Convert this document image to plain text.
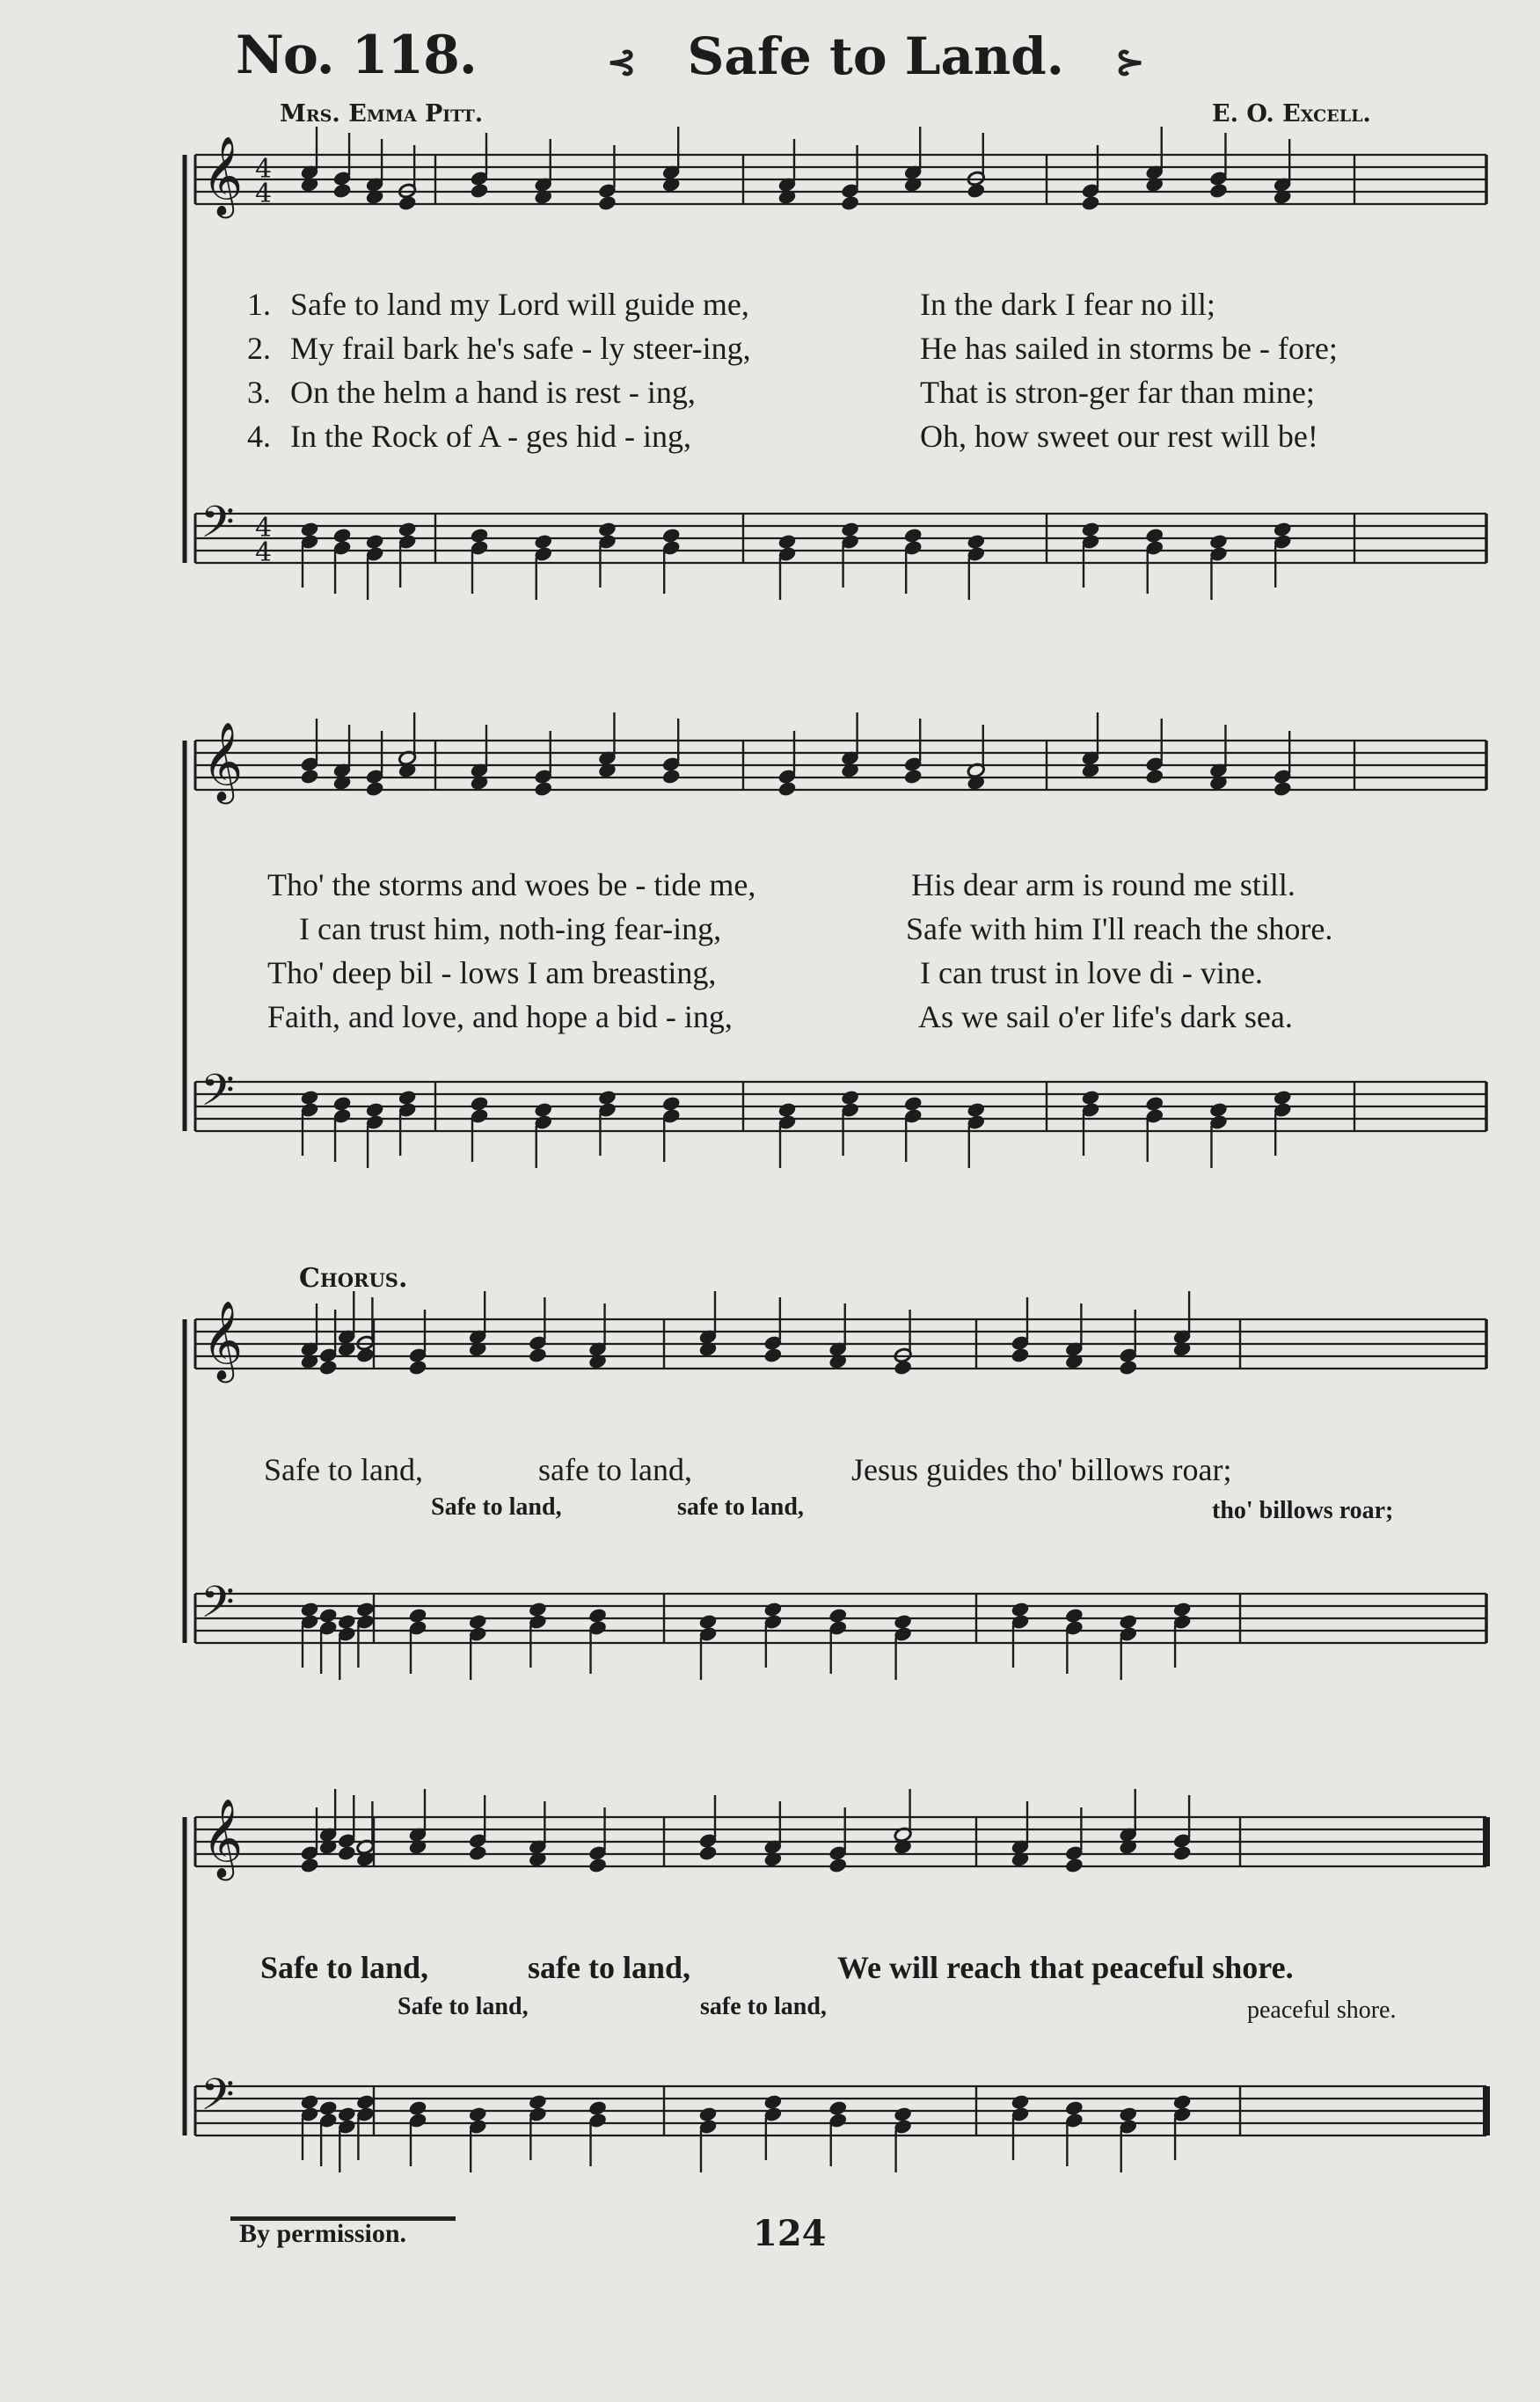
No. 118.	⊰ Safe to Land. ⊱
Mrs. Emma Pitt.	E. O. Excell.
𝄞 4
4
𝄢 4
4
𝄞
𝄢
𝄞
𝄢
𝄞
𝄢
1. Safe to land my Lord will guide me,	In the dark I fear no ill;
2. My frail bark he's safe - ly steer-ing,	He has sailed in storms be - fore;
3. On the helm a hand is rest - ing,	That is stron-ger far than mine;
4. In the Rock of A - ges hid - ing,	Oh, how sweet our rest will be!
Tho' the storms and woes be - tide me,	His dear arm is round me still.
I can trust him, noth-ing fear-ing,	Safe with him I'll reach the shore.
Tho' deep bil - lows I am breasting,	I can trust in love di - vine.
Faith, and love, and hope a bid - ing,	As we sail o'er life's dark sea.
Chorus.
Safe to land,	safe to land,	Jesus guides tho' billows roar;
Safe to land,	safe to land,	tho' billows roar;
Safe to land,	safe to land,	We will reach that peaceful shore.
Safe to land,	safe to land,	peaceful shore.
By permission.	124
